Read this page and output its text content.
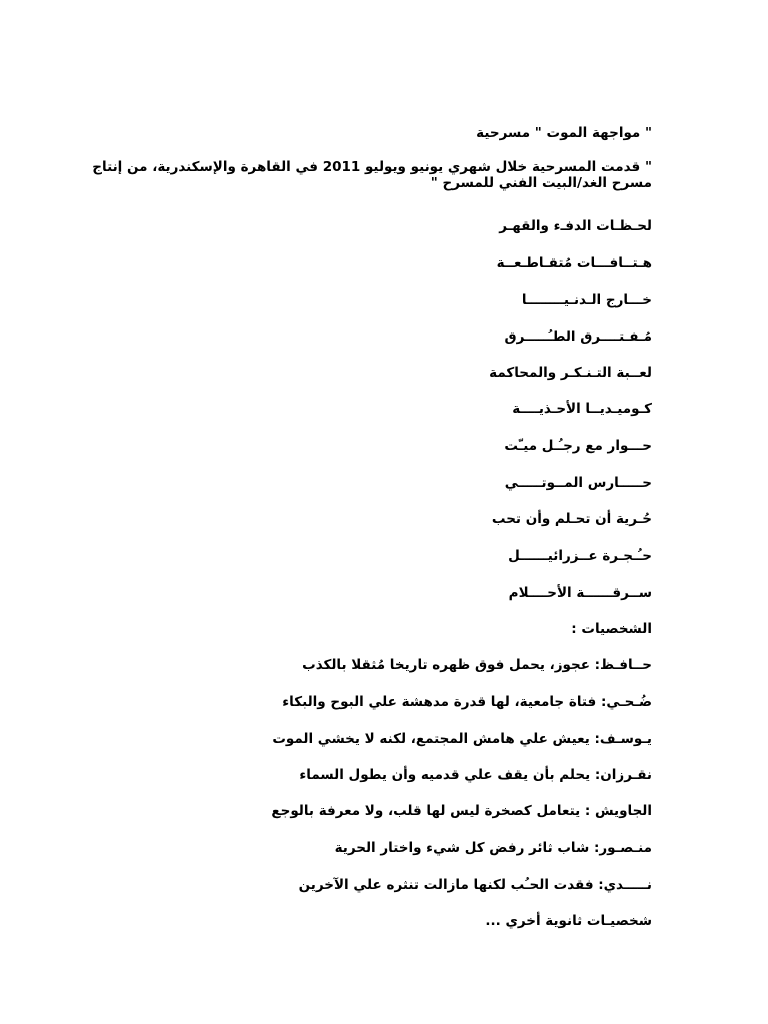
" مواجهة الموت " مسرحية
" قدمت المسرحية خلال شهري يونيو ويوليو 2011 في القاهرة والإسكندرية، من إنتاج مسرح الغد/البيت الفني للمسرح "
لحـظـات الدفـء والقهـر
هـتــافـــات مُتقـاطـعــة
خـــارج الـدنـيــــــــا
مُـفـتــــرق الطـُـــــرق
لعــبة التـنـكـر والمحاكمة
كـوميـديــا الأحـذيــــة
حـــوار مع رجـُـل ميـّت
حـــــارس المــوتـــــي
حُـرية أن تحـلم وأن تحب
حـُـجـرة عــزرائيــــــل
ســرقــــــة الأحــــلام
الشخصيات :
حــافـظ: عجوز، يحمل فوق ظهره تاريخا مُثقلا بالكذب
ضُـحـي: فتاة جامعية، لها قدرة مدهشة علي البوح والبكاء
يـوسـف: يعيش علي هامش المجتمع، لكنه لا يخشي الموت
نقـرزان: يحلم بأن يقف علي قدميه وأن يطول السماء
الجاويش : يتعامل كصخرة ليس لها قلب، ولا معرفة بالوجع
منـصـور: شاب ثائر رفض كل شيء واختار الحرية
نـــــدي: فقدت الحـُب لكنها مازالت تنثره علي الآخرين
شخصيـات ثانوية أخري ...
